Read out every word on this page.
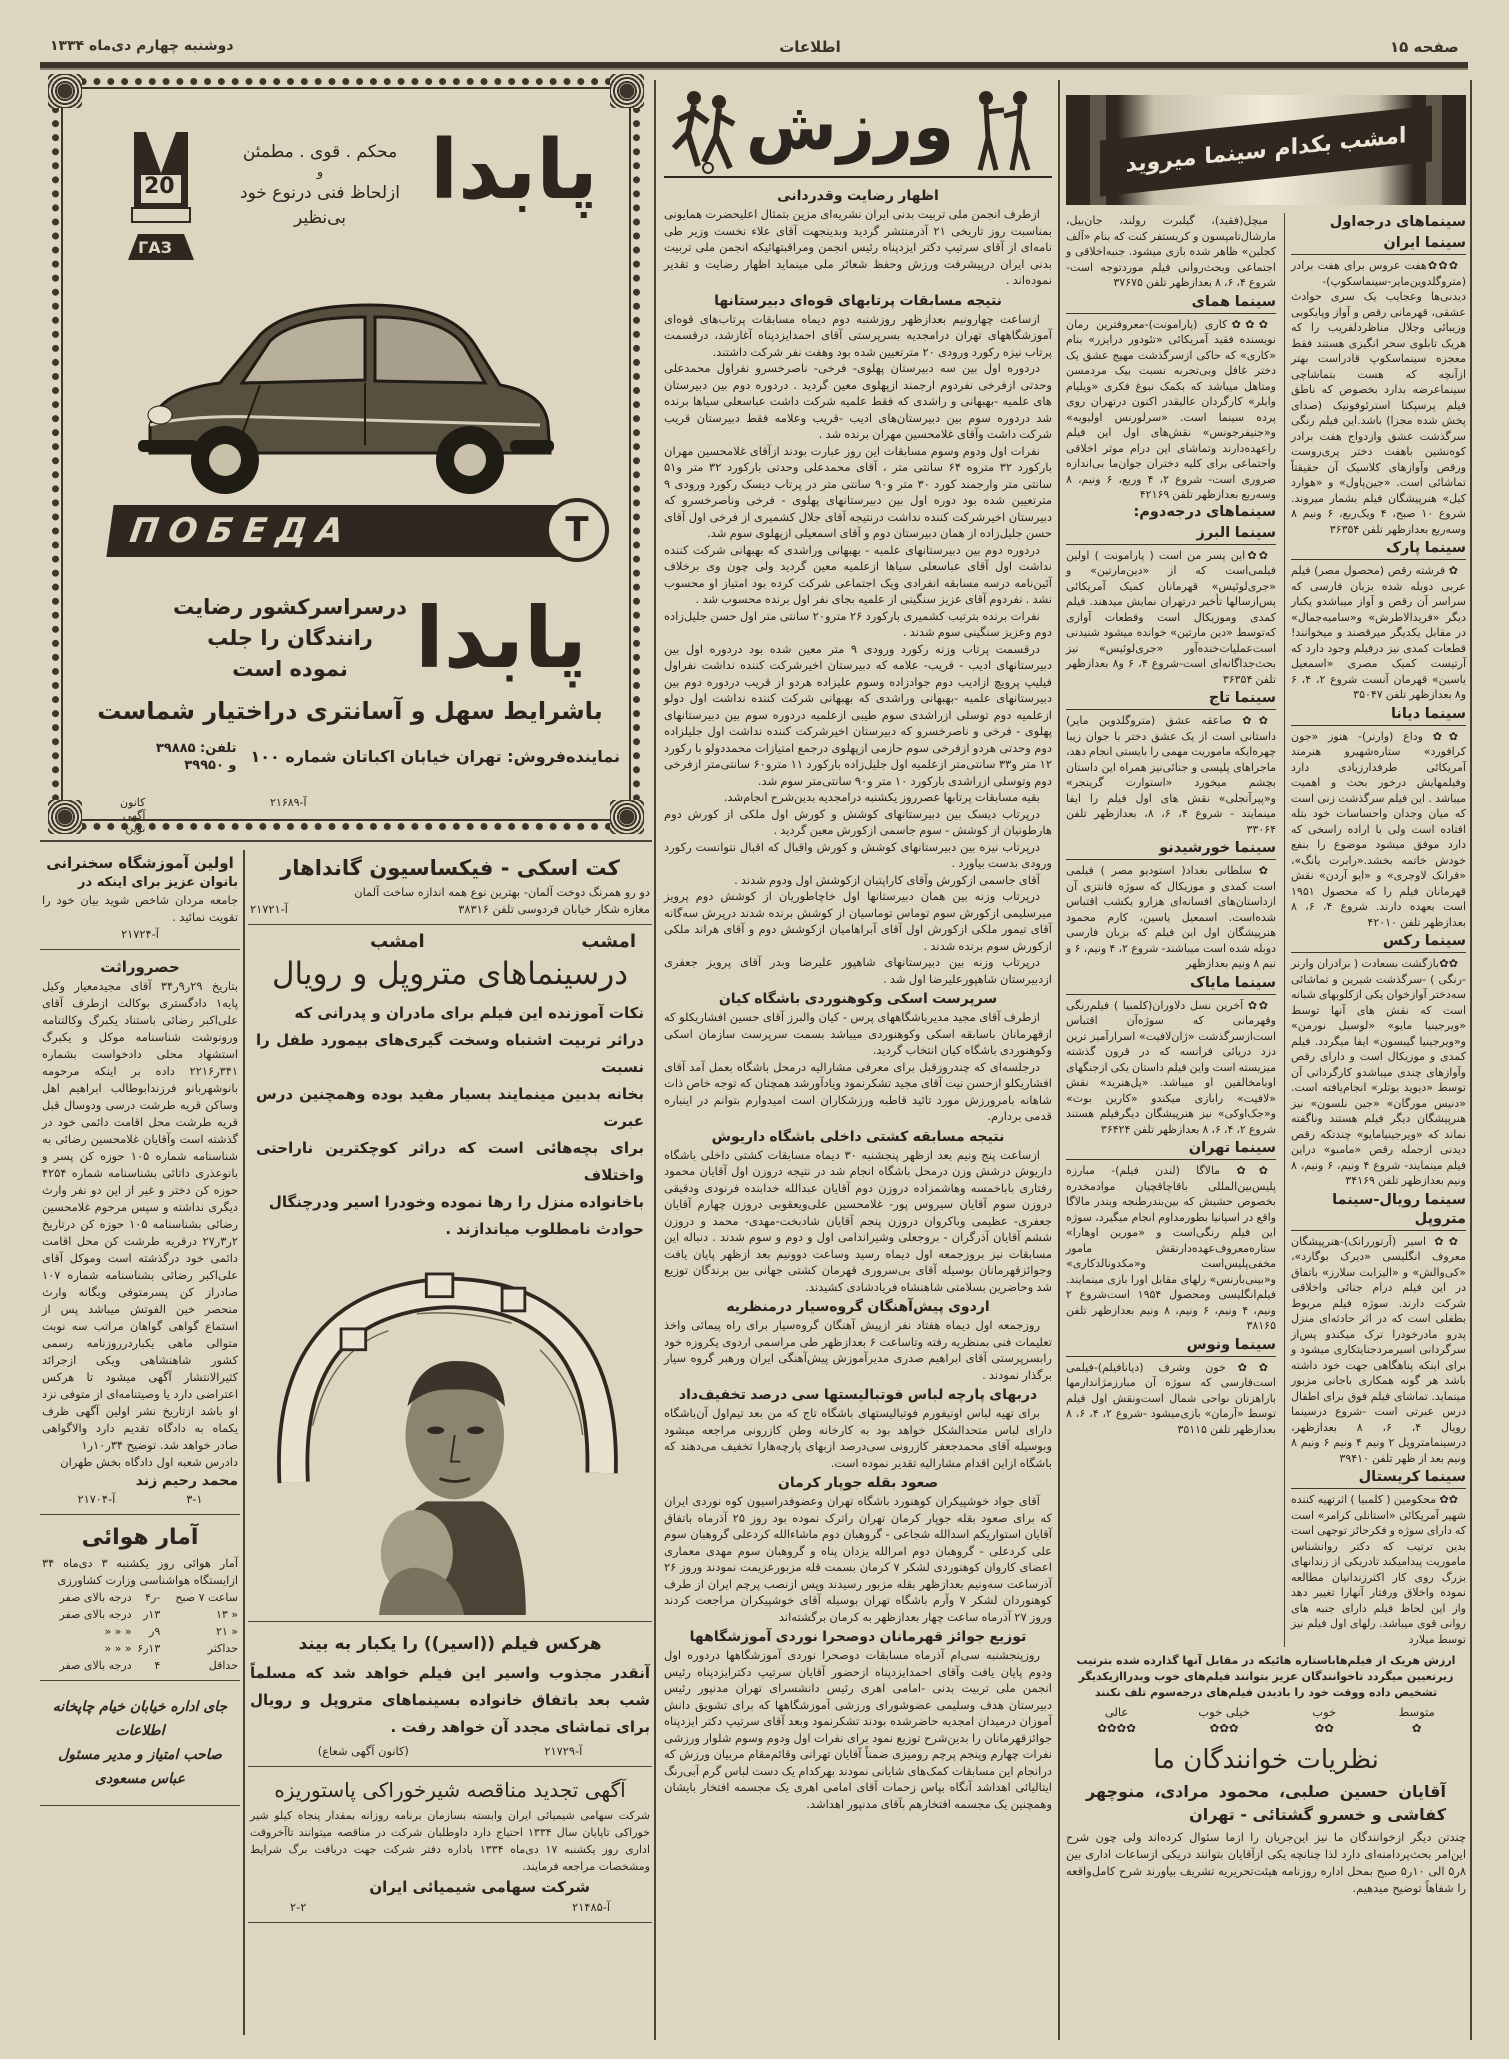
صفحه ۱۵
اطلاعات
دوشنبه چهارم دی‌ماه ۱۳۳۴
20
ГАЗ
پابدا
محکم . قوی . مطمئن
و
ازلحاظ فنی درنوع خود
بی‌نظیر
ПОБЕДА	T
پابدا
درسراسرکشور رضایت
رانندگان را جلب
نموده است
باشرایط سهل و آسانتری دراختیار شماست
نماینده‌فروش: تهران خیابان اکباتان شماره ۱۰۰
تلفن: ۳۹۸۸۵
و ۳۹۹۵۰
آ-۲۱۶۸۹
کانون آگهی نوین
اولین آموزشگاه سخنرانی
بانوان عزیز برای اینکه در
جامعه مردان شاخص شوید بیان خود را تقویت نمائید .
آ-۲۱۷۲۴
حصروراثت
بتاریخ ۲۹ر۹ر۳۴ آقای مجیدمعیار وکیل پایه۱ دادگستری بوکالت ازطرف آقای علی‌اکبر رضائی باستناد یکبرگ وکالتنامه ورونوشت شناسنامه موکل و یکبرگ استشهاد محلی دادخواست بشماره ۳۴۱ر۲۲۱۶ داده بر اینکه مرحومه بانوشهربانو فرزندابوطالب ابراهیم اهل وساکن قریه طرشت درسی ودوسال قبل قریه طرشت محل اقامت دائمی خود در گذشته است وآقایان غلامحسین رضائی به شناسنامه شماره ۱۰۵ حوزه کن پسر و بانوعذری داتائی بشناسنامه شماره ۴۲۵۴ حوزه کن دختر و غیر از این دو نفر وارث دیگری نداشته و سپس مرحوم غلامحسین رضائی بشناسنامه ۱۰۵ حوزه کن درتاریخ ۲ر۳ر۲۷ درقریه طرشت کن محل اقامت دائمی خود درگذشته است وموکل آقای علی‌اکبر رضائی بشناسنامه شماره ۱۰۷ صادراز کن پسرمتوفی ویگانه وارث منحصر خین الفوتش میباشد پس از استماع گواهی گواهان مراتب سه نوبت متوالی ماهی یکباردرروزنامه رسمی کشور شاهنشاهی ویکی ازجرائد کثیرالانتشار آگهی میشود تا هرکس اعتراضی دارد یا وصیتنامه‌ای از متوفی نزد او باشد ازتاریخ نشر اولین آگهی ظرف یکماه به دادگاه تقدیم دارد والاگواهی صادر خواهد شد. توضیح ۳۴ر۱۰ر۱
دادرس شعبه اول دادگاه بخش طهران
محمد رحیم زند
۳-۱
آ-۲۱۷۰۴
آمار هوائی
آمار هوائی روز یکشنبه ۳ دی‌ماه ۳۴ ازایستگاه هواشناسی وزارت کشاورزی
ساعت ۷ صبح	-ر۴	درجه بالای صفر
« ۱۳	۱۳ر	درجه بالای صفر
« ۲۱	۹ر	« « «
حداکثر	۱۳ر۶	« « «
حداقل	۴	درجه بالای صفر
جای اداره خیابان خیام چاپخانه اطلاعات
صاحب امتیاز و مدیر مسئول عباس مسعودی
کت اسکی - فیکساسیون گانداهار
دو رو همرنگ دوخت آلمان- بهترین نوع همه اندازه ساخت آلمان
مغازه شکار خیابان فردوسی تلفن ۳۸۳۱۶
آ-۲۱۷۲۱
امشب
امشب
درسینماهای متروپل و رویال
نکات آموزنده این فیلم برای مادران و پدرانی که
دراثر تربیت اشتباه وسخت گیری‌های بیمورد طفل را نسبت
بخانه بدبین مینمایند بسیار مفید بوده وهمچنین درس عبرت
برای بچه‌هائی است که دراثر کوچکترین ناراحتی واختلاف
باخانواده منزل را رها نموده وخودرا اسیر ودرچنگال
حوادث نامطلوب میاندازند .
هرکس فیلم ((اسیر)) را یکبار به بیند
آنقدر مجذوب واسیر این فیلم خواهد شد که مسلماً شب بعد باتفاق خانواده بسینماهای متروپل و رویال برای تماشای مجدد آن خواهد رفت .
آ-۲۱۷۲۹
(کانون آگهی شعاع)
آگهی تجدید مناقصه شیرخوراکی پاستوریزه
شرکت سهامی شیمیائی ایران وابسته بسازمان برنامه روزانه بمقدار پنجاه کیلو شیر خوراکی تاپایان سال ۱۳۳۴ احتیاج دارد داوطلبان شرکت در مناقصه میتوانند تاآخروقت اداری روز یکشنبه ۱۷ دی‌ماه ۱۳۳۴ باداره دفتر شرکت جهت دریافت برگ شرایط ومشخصات مراجعه فرمایند.
شرکت سهامی شیمیائی ایران
آ-۲۱۴۸۵
۲-۲
ورزش
اظهار رضایت وقدردانی

ازطرف انجمن ملی تربیت بدنی ایران نشریه‌ای مزین بتمثال اعلیحضرت همایونی بمناسبت روز تاریخی ۲۱ آذرمنتشر گردید وبدینجهت آقای علاء نخست وزیر طی نامه‌ای از آقای سرتیپ دکتر ایزدپناه رئیس انجمن ومراقبتهائیکه انجمن ملی تربیت بدنی ایران درپیشرفت ورزش وحفظ شعائر ملی مینماید اظهار رضایت و تقدیر نموده‌اند .

نتیجه مسابقات پرتابهای قوه‌ای دبیرستانها

ازساعت چهارونیم بعدازظهر روزشنبه دوم دیماه مسابقات پرتاب‌های قوه‌ای آموزشگاههای تهران درامجدیه بسرپرستی آقای احمدایزدپناه آغازشد، درقسمت پرتاب نیزه رکورد ورودی ۲۰ مترتعیین شده بود وهفت نفر شرکت داشتند.

دردوره اول بین سه دبیرستان پهلوی- فرخی- ناصرخسرو نفراول محمدعلی وحدتی ازفرخی نفردوم ارجمند ازپهلوی معین گردید . دردوره دوم بین دبیرستان های علمیه -بهبهانی و راشدی که فقط علمیه شرکت داشت عباسعلی سیاها برنده شد دردوره سوم بین دبیرستان‌های ادیب -قریب وعلامه فقط دبیرستان قریب شرکت داشت وآقای غلامحسین مهران برنده شد .

نفرات اول ودوم وسوم مسابقات این روز عبارت بودند ازآقای غلامحسین مهران بارکورد ۳۲ متروه ۶۴ سانتی متر ، آقای محمدعلی وحدتی بارکورد ۳۲ متر و۵۱ سانتی متر وارجمند کورد ۳۰ متر و۹۰ سانتی متر در پرتاب دیسک رکورد ورودی ۹ مترتعیین شده بود دوره اول بین دبیرستانهای پهلوی - فرخی وناصرخسرو که دبیرستان اخیرشرکت کننده نداشت درنتیجه آقای جلال کشمیری از فرخی اول آقای حسن جلیل‌زاده از همان دبیرستان دوم و آقای اسمعیلی ازپهلوی سوم شد.

دردوره دوم بین دبیرستانهای علمیه - بهبهانی وراشدی که بهبهانی شرکت کننده نداشت اول آقای عباسعلی سیاها ازعلمیه معین گردید ولی چون وی برخلاف آئین‌نامه درسه مسابقه انفرادی ویک اجتماعی شرکت کرده بود امتیاز او محسوب نشد . نفردوم آقای عزیز سنگینی از علمیه بجای نفر اول برنده محسوب شد .

نفرات برنده بترتیب کشمیری بارکورد ۲۶ مترو۲۰ سانتی متر اول حسن جلیل‌زاده دوم وعزیز سنگینی سوم شدند .

درقسمت پرتاب وزنه رکورد ورودی ۹ متر معین شده بود دردوره اول بین دبیرستانهای ادیب - قریب- علامه که دبیرستان اخیرشرکت کننده نداشت نفراول فیلیپ پرویچ ازادیب دوم جوادزاده وسوم علیزاده هردو از قریب دردوره دوم بین دبیرستانهای علمیه -بهبهانی وراشدی که بهبهانی شرکت کننده نداشت اول دولو ازعلمیه دوم توسلی ازراشدی سوم طیبی ازعلمیه دردوره سوم بین دبیرستانهای پهلوی - فرخی و ناصرخسرو که دبیرستان اخیرشرکت کننده نداشت اول جلیلزاده دوم وحدتی هردو ازفرخی سوم حازمی ازپهلوی درجمع امتیازات محمددولو با رکورد ۱۲ متر و۳۳ سانتی‌متر ازعلمیه اول جلیل‌زاده بارکورد ۱۱ مترو۶۰ سانتی‌متر ازفرخی دوم وتوسلی ازراشدی بارکورد ۱۰ متر و۹۰ سانتی‌متر سوم شد.

بقیه مسابقات پرتابها عصرروز یکشنبه درامجدیه بدین‌شرح انجام‌شد.

درپرتاب دیسک بین دبیرستانهای کوشش و کورش اول ملکی از کورش دوم هارطونیان از کوشش - سوم جاسمی ازکورش معین گردید .

درپرتاب نیزه بین دبیرستانهای کوشش و کورش واقبال که اقبال نتوانست رکورد ورودی بدست بیاورد .

آقای جاسمی ازکورش وآقای کاراپتیان ازکوشش اول ودوم شدند .

درپرتاب وزنه بین همان دبیرستانها اول خاچاطوریان از کوشش دوم پرویز میرسلیمی ازکورش سوم توماس توماسیان از کوشش برنده شدند درپرش سه‌گانه آقای تیمور ملکی ازکورش اول آقای آبراهامیان ازکوشش دوم و آقای هراند ملکی ازکورش سوم برنده شدند .

درپرتاب وزنه بین دبیرستانهای شاهپور علیرضا وبدر آقای پرویز جعفری ازدبیرستان شاهپورعلیرضا اول شد .

سرپرست اسکی وکوهنوردی باشگاه کیان

ازطرف آقای مجید مدیرباشگاههای پرس - کیان والبرز آقای حسین افشاریکلو که ازقهرمانان باسابقه اسکی وکوهنوردی میباشد بسمت سرپرست سازمان اسکی وکوهنوردی باشگاه کیان انتخاب گردید.

درجلسه‌ای که چندروزقبل برای معرفی مشارالیه درمحل باشگاه بعمل آمد آقای افشاریکلو ازحسن نیت آقای مجید تشکرنمود ویادآورشد همچنان که توجه خاص ذات شاهانه بامرورزش مورد تائید قاطبه ورزشکاران است امیدوارم بتوانم در اینباره قدمی بردارم.

نتیجه مسابقه کشتی داخلی باشگاه داریوش

ازساعت پنج ونیم بعد ازظهر پنجشنبه ۳۰ دیماه مسابقات کشتی داخلی باشگاه داریوش درشش وزن درمحل باشگاه انجام شد در نتیجه دروزن اول آقایان محمود رفتاری باباخمسه وهاشمزاده دروزن دوم آقایان عبدالله خدابنده فرنودی ودقیقی دروزن سوم آقایان سیروس پور- غلامحسین علی‌ویعقوبی دروزن چهارم آقایان جعفری- عظیمی وباکروان دروزن پنجم آقایان شادبخت-مهدی- محمد و دروزن ششم آقایان آذرگران - بروجعلی وشیراندامی اول و دوم و سوم شدند . دنباله این مسابقات نیز بروزجمعه اول دیماه رسید وساعت دوونیم بعد ازظهر پایان یافت وجوائزقهرمانان بوسیله آقای بی‌سروری قهرمان کشتی جهانی بین برندگان توزیع شد وحاضرین بسلامتی شاهنشاه فریادشادی کشیدند.

اردوی پیش‌آهنگان گروه‌سیار درمنظریه

روزجمعه اول دیماه هفتاد نفر ازپیش آهنگان گروه‌سیار برای راه پیمائی واخذ تعلیمات فنی بمنظریه رفته وتاساعت ۶ بعدازظهر طی مراسمی اردوی یکروزه خود رابسرپرستی آقای ابراهیم صدری مدیرآموزش پیش‌آهنگی ایران ورهبر گروه سیار برگذار نمودند .

دربهای پارچه لباس فوتبالیستها سی درصد تخفیف‌داد

برای تهیه لباس اونیفورم فوتبالیستهای باشگاه تاج که من بعد تیم‌اول آن‌باشگاه دارای لباس متحدالشکل خواهد بود به کارخانه وطن کازرونی مراجعه میشود وبوسیله آقای محمدجعفر کازرونی سی‌درصد ازبهای پارچه‌هارا تخفیف می‌دهند که باشگاه ازاین اقدام مشارالیه تقدیر نموده است.

صعود بقله جوپار کرمان

آقای جواد خوشپیکران کوهنورد باشگاه تهران وعضوفدراسیون کوه نوردی ایران که برای صعود بقله جوپار کرمان تهران راترک نموده بود روز ۲۵ آذرماه باتفاق آقایان استواریکم اسدالله شجاعی - گروهبان دوم ماشاءالله کردعلی گروهبان سوم علی کردعلی - گروهبان دوم امرالله یزدان پناه و گروهبان سوم مهدی معماری اعضای کاروان کوهنوردی لشکر ۷ کرمان بسمت قله مزبورعزیمت نمودند وروز ۲۶ آذرساعت سه‌ونیم بعدازظهر بقله مزبور رسیدند وپس ازنصب پرچم ایران از طرف کوهنوردان لشکر ۷ وآرم باشگاه تهران بوسیله آقای خوشپیکران مراجعت کردند وروز ۲۷ آذرماه ساعت چهار بعدازظهر به کرمان برگشته‌اند

توزیع جوائز قهرمانان دوصحرا نوردی آموزشگاهها

روزپنجشنبه سی‌ام آذرماه مسابقات دوصحرا نوردی آموزشگاهها دردوره اول ودوم پایان یافت وآقای احمدایزدپناه ازحضور آقایان سرتیپ دکترایزدپناه رئیس انجمن ملی تربیت بدنی -امامی اهری رئیس دانشسرای تهران مدنپور رئیس دبیرستان هدف وسلیمی عضوشورای ورزشی آموزشگاهها که برای تشویق دانش آموزان درمیدان امجدیه حاضرشده بودند تشکرنمود وبعد آقای سرتیپ دکتر ایزدپناه جوائزقهرمانان را بدین‌شرح توزیع نمود برای نفرات اول ودوم وسوم شلوار ورزشی نفرات چهارم وپنجم پرچم رومیزی ضمناً آقایان تهرانی وقائم‌مقام مربیان ورزش که درانجام این مسابقات کمک‌های شایانی نمودند بهرکدام یک دست لباس گرم آبی‌رنگ ایتالیائی اهداشد آنگاه بپاس زحمات آقای امامی اهری یک مجسمه افتخار بایشان وهمچنین یک مجسمه افتخارهم بآقای مدنپور اهداشد.

امشب بکدام سینما میروید
سینماهای درجه‌اول
سینما ایران

✿✿✿هفت عروس برای هفت برادر (متروگلدوین‌مایر-سینماسکوپ)-دیدنی‌ها وعجایب یک سری حوادث عشقی، قهرمانی رقص و آواز وپایکوبی وزیبائی وجلال مناظردلفریب را که هریک تابلوی سحر انگیزی هستند فقط معجزه سینماسکوپ قادراست بهتر ازآنچه که هست بتماشاچی سینماعرضه بدارد بخصوص که ناطق فیلم پرسپکتا استرئوفونیک (صدای پخش شده مجزا) باشد.این فیلم رنگی سرگذشت عشق وازدواج هفت برادر کوه‌نشین باهفت دختر پری‌روست ورقص وآوازهای کلاسیک آن حقیقتاً تماشائی است. «جین‌پاول» و «هوارد کیل» هنرپیشگان فیلم بشمار میروند. شروع ۱۰ صبح، ۴ ویک‌ربع، ۶ ونیم ۸ وسه‌ربع بعدازظهر تلفن ۳۶۳۵۴

سینما پارک

✿ فرشته رقص (محصول مصر) فیلم عربی دوبله شده بزبان فارسی که سراسر آن رقص و آواز میباشدو یکبار دیگر «فریدالاطرش» و«سامیه‌جمال» در مقابل یکدیگر میرقصند و میخوانند! قطعات کمدی نیز درفیلم وجود دارد که آرتیست کمیک مصری «اسمعیل یاسین» قهرمان آنست شروع ۲، ۴، ۶ و۸ بعدازظهر تلفن ۳۵۰۴۷

سینما دیانا

✿✿ وداع (وارنر)- هنوز «جون کرافورد» ستاره‌شهیرو هنرمند آمریکائی طرفدارزیادی دارد وفیلمهایش درخور بحث و اهمیت میباشد . این فیلم سرگذشت زنی است که میان وجدان واحساسات خود بتله افتاده است ولی با اراده راسخی که دارد موفق میشود موضوع را بنفع خودش خاتمه بخشد.«رابرت یانگ»، «فرانک لاوجری» و «ایو آردن» نقش قهرمانان فیلم را که محصول ۱۹۵۱ است بعهده دارند. شروع ۴، ۶، ۸ بعدازظهر تلفن ۴۲۰۱۰

سینما رکس

✿✿بازگشت بسعادت ( برادران وارنر -رنگی ) -سرگذشت شیرین و تماشائی سه‌دختر آوازخوان یکی ازکلوبهای شبانه است که نقش های آنها توسط «ویرجینیا مایو» «لوسیل نورمن» و«ویرجینیا گیبسون» ایفا میگردد. فیلم کمدی و موزیکال است و دارای رقص وآوازهای چندی میباشدو کارگردانی آن توسط «دیوید بوتلر» انجام‌یافته است. «دنیس مورگان» «جین نلسون» نیز هنرپیشگان دیگر فیلم هستند وناگفته نماند که «ویرجینیامایو» چندتکه رقص دیدنی ازجمله رقص «مامبو» دراین فیلم مینمایند- شروع ۴ ونیم، ۶ ونیم، ۸ ونیم بعدازظهر تلفن ۳۴۱۶۹

سینما رویال-سینما متروپل

✿✿ اسیر (آرتوررانک)-هنرپیشگان معروف انگلیسی «دیرک بوگارد»، «کی‌والش» و «الیزابت سلارز» باتفاق در این فیلم درام جنائی واخلاقی شرکت دارند. سوژه فیلم مربوط بطفلی است که در اثر حادثه‌ای منزل پدرو مادرخودرا ترک میکندو پس‌از سرگردانی اسیرمردجنایتکاری میشود و برای اینکه پناهگاهی جهت خود داشته باشد هر گونه همکاری باجانی مزبور مینماید. تماشای فیلم فوق برای اطفال درس عبرتی است -شروع درسینما رویال ۴، ۶، ۸ بعدازظهر، درسینمامتروپل ۲ ونیم ۴ ونیم ۶ ونیم ۸ ونیم بعد از ظهر تلفن ۳۹۴۱۰

سینما کریستال

✿✿ محکومین ( کلمبیا ) اثرتهیه کننده شهیر آمریکائی «استانلی کرامر» است که دارای سوژه و فکرحائز توجهی است بدین ترتیب که دکتر روانشناس ماموریت پیدامیکند تادریکی از زندانهای بزرگ روی کار اکثرزندانیان مطالعه نموده واخلاق ورفتار آنهارا تغییر دهد واز این لحاظ فیلم دارای جنبه های روانی قوی میباشد. رلهای اول فیلم نیز توسط میلارد

میچل(فقید)، گیلبرت رولند، جان‌بیل، مارشال‌تامپسون و کریستفر کنت که بنام «آلف کجلین» ظاهر شده بازی میشود. جنبه‌اخلاقی و اجتماعی وبحث‌روانی فیلم موردتوجه است- شروع ۴، ۶، ۸ بعدازظهر تلفن ۳۷۶۷۵

سینما همای

✿✿✿کاری (پارامونت)-معروفترین رمان نویسنده فقید آمریکائی «تئودور درایزر» بنام «کاری» که حاکی ازسرگذشت مهیج عشق یک دختر غافل وبی‌تجربه نسبت بیک مردمسن ومتاهل میباشد که بکمک نبوغ فکری «ویلیام وایلر» کارگردان عالیقدر اکنون درتهران روی پرده سینما است. «سرلورنس اولیویه» و«جنیفرجونس» نقش‌های اول این فیلم راعهده‌دارند وتماشای این درام موثر اخلاقی واجتماعی برای کلیه دختران جوان‌ما بی‌اندازه ضروری است- شروع ۲، ۴ وربع، ۶ ونیم، ۸ وسه‌ربع بعدازظهر تلفن ۴۲۱۶۹

سینماهای درجه‌دوم:
سینما البرز

✿✿این پسر من است ( پارامونت ) اولین فیلمی‌است که از «دین‌مارتین» و «جری‌لوئیس» قهرمانان کمیک آمریکائی پس‌ازسالها تأخیر درتهران نمایش میدهند. فیلم کمدی وموزیکال است وقطعات آوازی که‌توسط «دین مارتین» خوانده میشود شنیدنی است‌عملیات‌خنده‌آور «جری‌لوئیس» نیز بحث‌جداگانه‌ای است-شروع ۴، ۶ و۸ بعدازظهر تلفن ۳۶۳۵۴

سینما تاج

✿✿ صاعقه عشق (متروگلدوین مایر) داستانی است از یک عشق دختر با جوان زیبا چهره‌ایکه ماموریت مهمی را بایستی انجام دهد، ماجراهای پلیسی و جنائی‌نیز همراه این داستان بچشم میخورد «استوارت گرینجر» و«پیرآنجلی» نقش های اول فیلم را ایفا مینمایند - شروع ۴، ۶، ۸، بعدازظهر تلفن ۳۳۰۶۴

سینما خورشیدنو

✿ سلطانی بغداد( استودیو مصر ) فیلمی است کمدی و موزیکال که سوژه فانتزی آن ازداستان‌های افسانه‌ای هزارو یکشب اقتباس شده‌است. اسمعیل یاسین، کارم محمود هنرپیشگان اول این فیلم که بزبان فارسی دوبله شده است میباشند- شروع ۲، ۴ ونیم، ۶ و نیم ۸ ونیم بعدازظهر

سینما مایاک

✿✿ آخرین نسل دلاوران(کلمبیا ) فیلم‌رنگی وقهرمانی که سوژه‌آن اقتباس است‌ازسرگذشت «ژان‌لافیت» اسرارآمیز ترین دزد دریائی فرانسه که در قرون گذشته میزیسته است واین فیلم داستان یکی ازجنگهای اوبامخالفین او میباشد. «پل‌هنرید» نقش «لافیت» رابازی میکندو «کارین بوت» و«جک‌اوکی» نیز هنرپیشگان دیگرفیلم هستند شروع ۲، ۴، ۶، ۸ بعدازظهر تلفن ۳۶۴۲۴

سینما تهران

✿✿ مالاگا (لندن فیلم)- مبارزه پلیس‌بین‌المللی باقاچاقچیان موادمخدره بخصوص حشیش که بین‌بندرطنجه وبندر مالاگا واقع در اسپانیا بطورمداوم انجام میگیرد، سوژه این فیلم رنگی‌است و «مورین اوهارا» ستاره‌معروف‌عهده‌دارنقش مامور مخفی‌پلیس‌است و«مکدونالدکاری» و«بینی‌بارنس» رلهای مقابل اورا بازی مینمایند. فیلم‌انگلیسی ومحصول ۱۹۵۴ است‌شروع ۲ ونیم، ۴ ونیم، ۶ ونیم، ۸ ونیم بعدازظهر تلفن ۳۸۱۶۵

سینما ونوس

✿✿خون وشرف (دیانافیلم)-فیلمی است‌فارسی که سوژه آن مبارزمژاندارمها باراهزنان نواحی شمال است‌ونقش اول فیلم توسط «آرمان» بازی‌میشود -شروع ۲، ۴، ۶، ۸ بعدازظهر تلفن ۳۵۱۱۵

ارزش هریک از فیلم‌هاباستاره هائیکه در مقابل آنها گذارده شده بترتیب زیرتعیین میگردد تاخوانندگان عزیز بتوانند فیلم‌های خوب وبدراازیکدیگر تشخیص داده ووقت خود را بادیدن فیلم‌های درجه‌سوم تلف نکنند
متوسط
✿
خوب
✿✿
خیلی خوب
✿✿✿
عالی
✿✿✿✿
نظریات خوانندگان ما
آقایان حسین صلبی، محمود مرادی، منوچهر کفاشی و خسرو گشتائی - تهران
چندتن دیگر ازخوانندگان ما نیز این‌جریان را ازما سئوال کرده‌اند ولی چون شرح این‌امر بحث‌پردامنه‌ای دارد لذا چنانچه یکی ازآقایان بتوانند دریکی ازساعات اداری بین ۸ر۵ الی ۱۰ر۵ صبح بمحل اداره روزنامه هیئت‌تحریریه تشریف بیاورند شرح کامل‌واقعه را شفاهاً توضیح میدهیم.
